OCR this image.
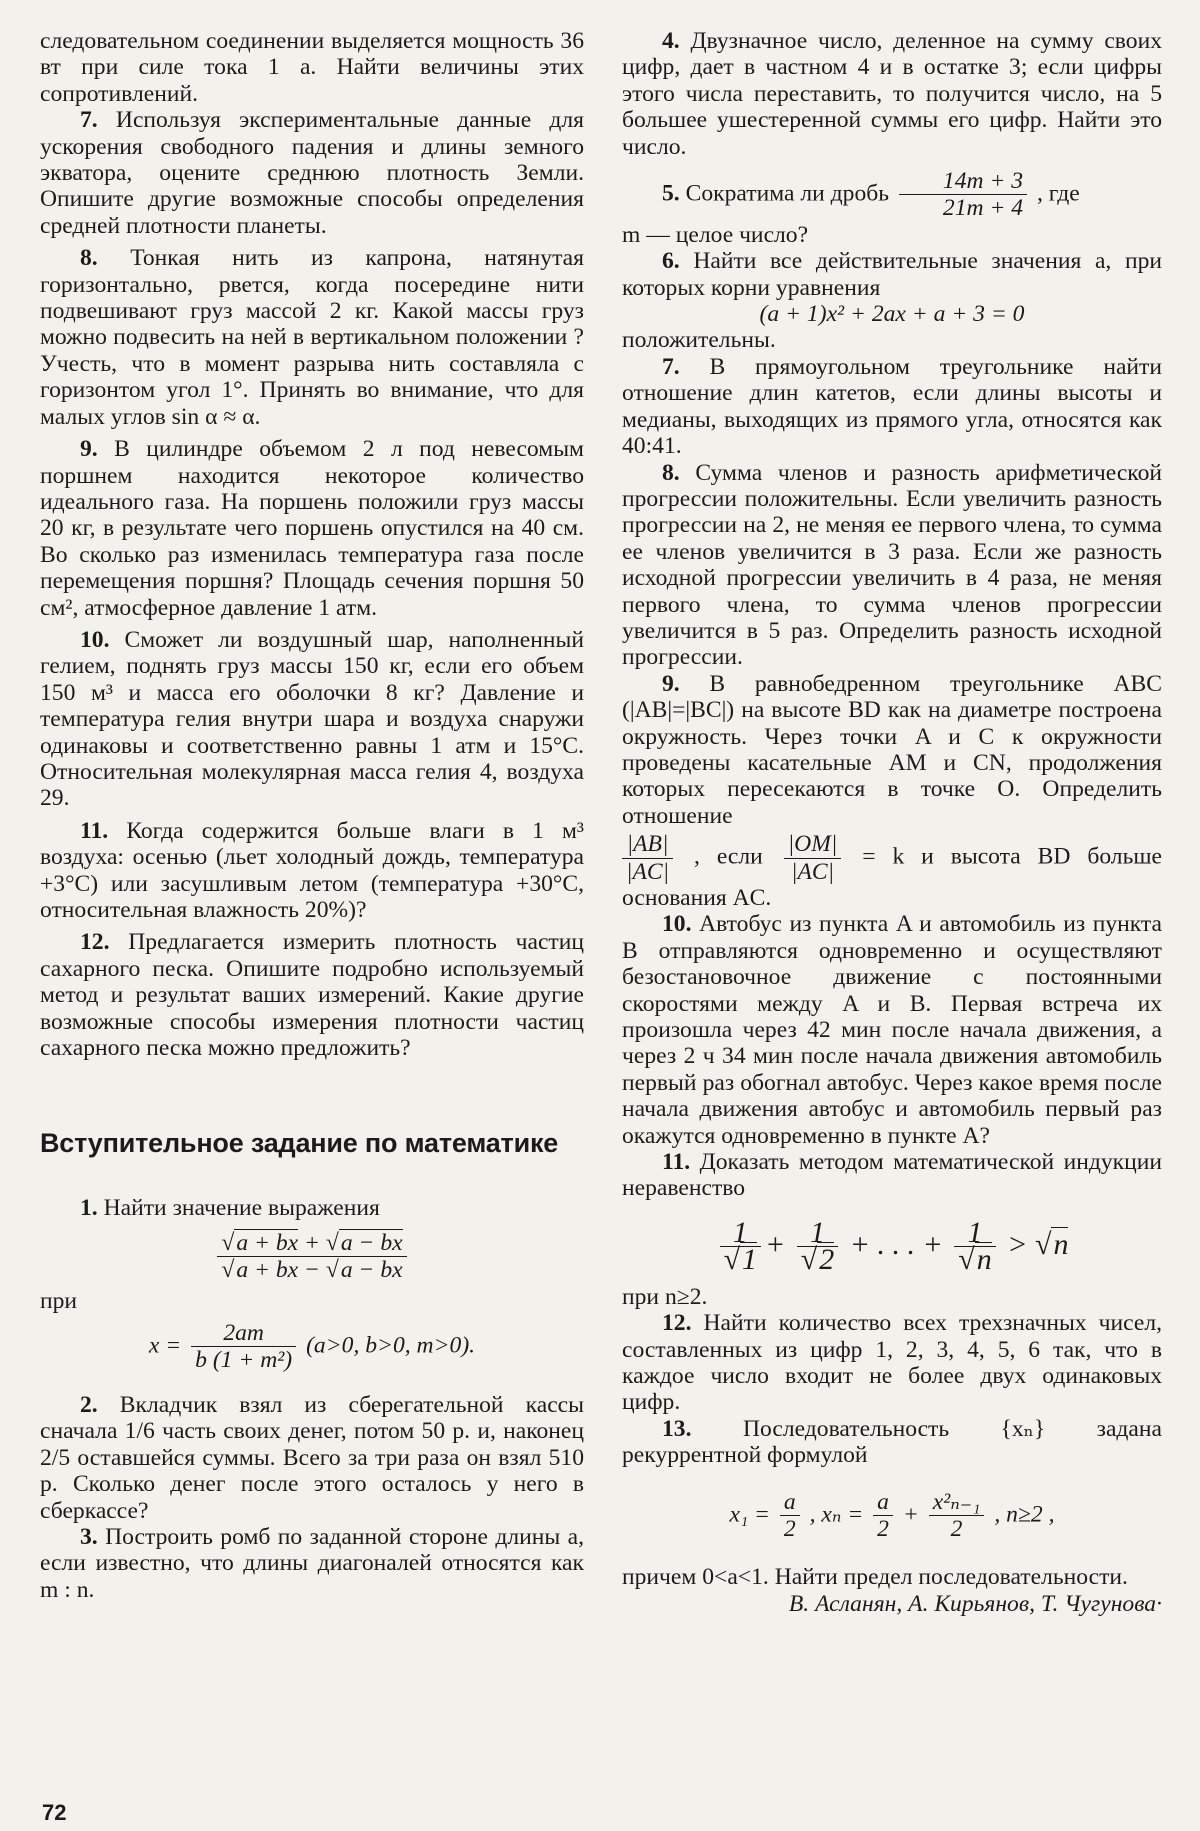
следовательном соединении выделяется мощность 36 вт при силе тока 1 а. Найти величины этих сопротивлений.

7. Используя экспериментальные данные для ускорения свободного падения и длины земного экватора, оцените среднюю плотность Земли. Опишите другие возможные способы определения средней плотности планеты.

8. Тонкая нить из капрона, натянутая горизонтально, рвется, когда посередине нити подвешивают груз массой 2 кг. Какой массы груз можно подвесить на ней в вертикальном положении ? Учесть, что в момент разрыва нить составляла с горизонтом угол 1°. Принять во внимание, что для малых углов sin α ≈ α.

9. В цилиндре объемом 2 л под невесомым поршнем находится некоторое количество идеального газа. На поршень положили груз массы 20 кг, в результате чего поршень опустился на 40 см. Во сколько раз изменилась температура газа после перемещения поршня? Площадь сечения поршня 50 см², атмосферное давление 1 атм.

10. Сможет ли воздушный шар, наполненный гелием, поднять груз массы 150 кг, если его объем 150 м³ и масса его оболочки 8 кг? Давление и температура гелия внутри шара и воздуха снаружи одинаковы и соответственно равны 1 атм и 15°C. Относительная молекулярная масса гелия 4, воздуха 29.

11. Когда содержится больше влаги в 1 м³ воздуха: осенью (льет холодный дождь, температура +3°C) или засушливым летом (температура +30°C, относительная влажность 20%)?

12. Предлагается измерить плотность частиц сахарного песка. Опишите подробно используемый метод и результат ваших измерений. Какие другие возможные способы измерения плотности частиц сахарного песка можно предложить?

Вступительное задание по математике

1. Найти значение выражения

$\frac{√a + bx + √a - bx}{√a + bx - √a - bx}$

при

$x = \frac{2am}{\text{b (1 + m²)}} (a>0$, b>0, m>0).

2. Вкладчик взял из сберегательной кассы сначала 1/6 часть своих денег, потом 50 р. и, наконец 2/5 оставшейся суммы. Всего за три раза он взял 510 р. Сколько денег после этого осталось у него в сберкассе?

3. Построить ромб по заданной стороне длины a, если известно, что длины диагоналей относятся как m : n.

4. Двузначное число, деленное на сумму своих цифр, дает в частном 4 и в остатке 3; если цифры этого числа переставить, то получится число, на 5 большее ушестеренной суммы его цифр. Найти это число.

5. Сократима ли дробь $\frac{14m + 3}{21m + 4}$ , где

m — целое число?

6. Найти все действительные значения a, при которых корни уравнения

(a + 1)x² + 2ax + a + 3 = 0

положительны.

7. В прямоугольном треугольнике найти отношение длин катетов, если длины высоты и медианы, выходящих из прямого угла, относятся как 40:41.

8. Сумма членов и разность арифметической прогрессии положительны. Если увеличить разность прогрессии на 2, не меняя ее первого члена, то сумма ее членов увеличится в 3 раза. Если же разность исходной прогрессии увеличить в 4 раза, не меняя первого члена, то сумма членов прогрессии увеличится в 5 раз. Определить разность исходной прогрессии.

9. В равнобедренном треугольнике ABC (|AB|=|BC|) на высоте BD как на диаметре построена окружность. Через точки A и C к окружности проведены касательные AM и CN, продолжения которых пересекаются в точке O. Определить отношение

$\frac{|AB|}{|AC|}$ , если $\frac{|OM|}{|AC|} = k$ и высота BD больше основания AC.

10. Автобус из пункта A и автомобиль из пункта B отправляются одновременно и осуществляют безостановочное движение с постоянными скоростями между A и B. Первая встреча их произошла через 42 мин после начала движения, а через 2 ч 34 мин после начала движения автомобиль первый раз обогнал автобус. Через какое время после начала движения автобус и автомобиль первый раз окажутся одновременно в пункте A?

11. Доказать методом математической индукции неравенство

$\frac{1}{√1} + \frac{1}{√2}$ + . . . + $\frac{1}{√n} > √n$

при n≥2.

12. Найти количество всех трехзначных чисел, составленных из цифр 1, 2, 3, 4, 5, 6 так, что в каждое число входит не более двух одинаковых цифр.

13. Последовательность {xₙ} задана рекуррентной формулой

$x_1 = \frac{a}{2}$ , $x_n = \frac{a}{2} + \frac{\text{x²ₙ₋₁}}{2}$ , n≥2 ,

причем 0<a<1. Найти предел последовательности.

В. Асланян, А. Кирьянов, Т. Чугунова·

72
